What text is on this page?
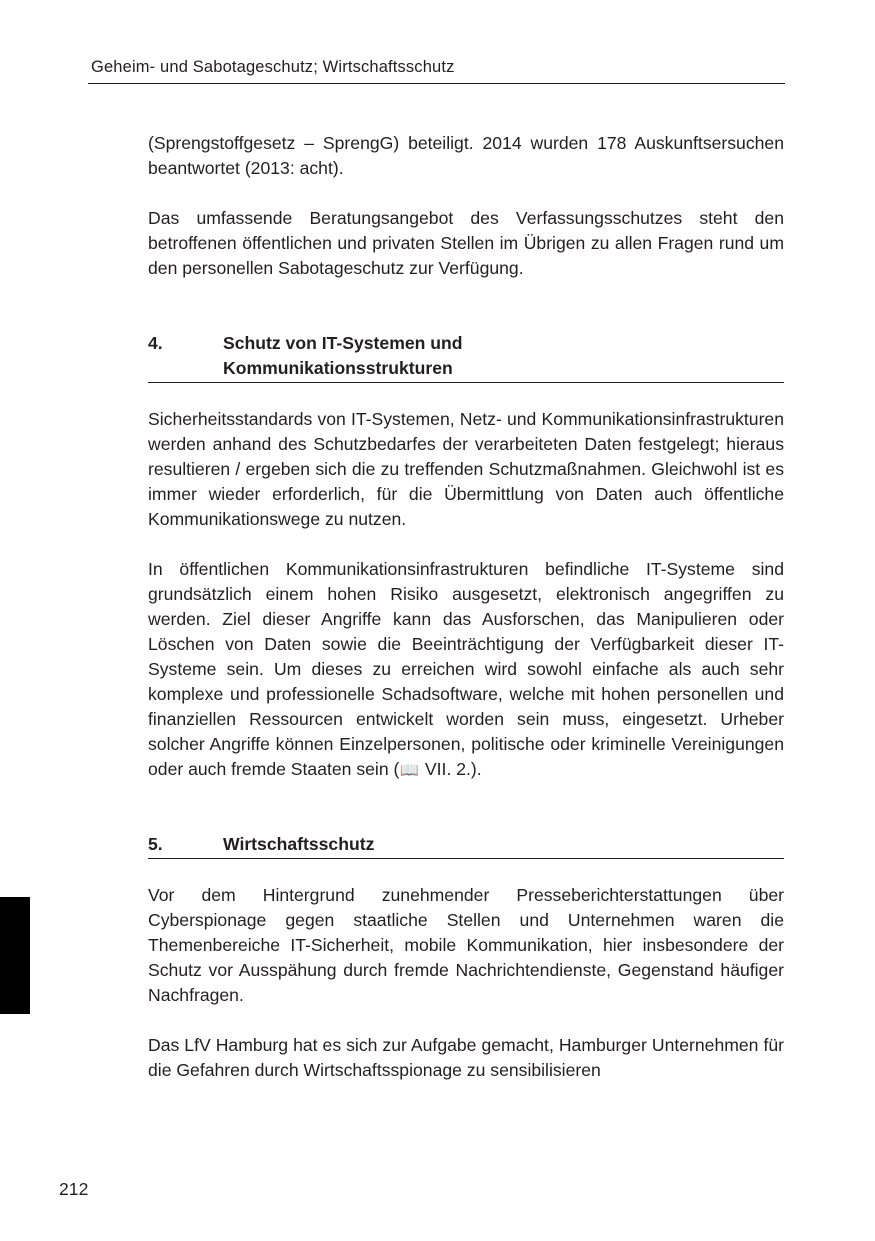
Geheim- und Sabotageschutz; Wirtschaftsschutz

(Sprengstoffgesetz – SprengG) beteiligt. 2014 wurden 178 Auskunftsersuchen beantwortet (2013: acht).

Das umfassende Beratungsangebot des Verfassungsschutzes steht den betroffenen öffentlichen und privaten Stellen im Übrigen zu allen Fragen rund um den personellen Sabotageschutz zur Verfügung.

4.	Schutz von IT-Systemen und
Kommunikationsstrukturen

Sicherheitsstandards von IT-Systemen, Netz- und Kommunikationsinfrastrukturen werden anhand des Schutzbedarfes der verarbeiteten Daten festgelegt; hieraus resultieren / ergeben sich die zu treffenden Schutzmaßnahmen. Gleichwohl ist es immer wieder erforderlich, für die Übermittlung von Daten auch öffentliche Kommunikationswege zu nutzen.

In öffentlichen Kommunikationsinfrastrukturen befindliche IT-Systeme sind grundsätzlich einem hohen Risiko ausgesetzt, elektronisch angegriffen zu werden. Ziel dieser Angriffe kann das Ausforschen, das Manipulieren oder Löschen von Daten sowie die Beeinträchtigung der Verfügbarkeit dieser IT-Systeme sein. Um dieses zu erreichen wird sowohl einfache als auch sehr komplexe und professionelle Schadsoftware, welche mit hohen personellen und finanziellen Ressourcen entwickelt worden sein muss, eingesetzt. Urheber solcher Angriffe können Einzelpersonen, politische oder kriminelle Vereinigungen oder auch fremde Staaten sein (📖 VII. 2.).

5.	Wirtschaftsschutz

Vor dem Hintergrund zunehmender Presseberichterstattungen über Cyberspionage gegen staatliche Stellen und Unternehmen waren die Themenbereiche IT-Sicherheit, mobile Kommunikation, hier insbesondere der Schutz vor Ausspähung durch fremde Nachrichtendienste, Gegenstand häufiger Nachfragen.

Das LfV Hamburg hat es sich zur Aufgabe gemacht, Hamburger Unternehmen für die Gefahren durch Wirtschaftsspionage zu sensibilisieren

212
